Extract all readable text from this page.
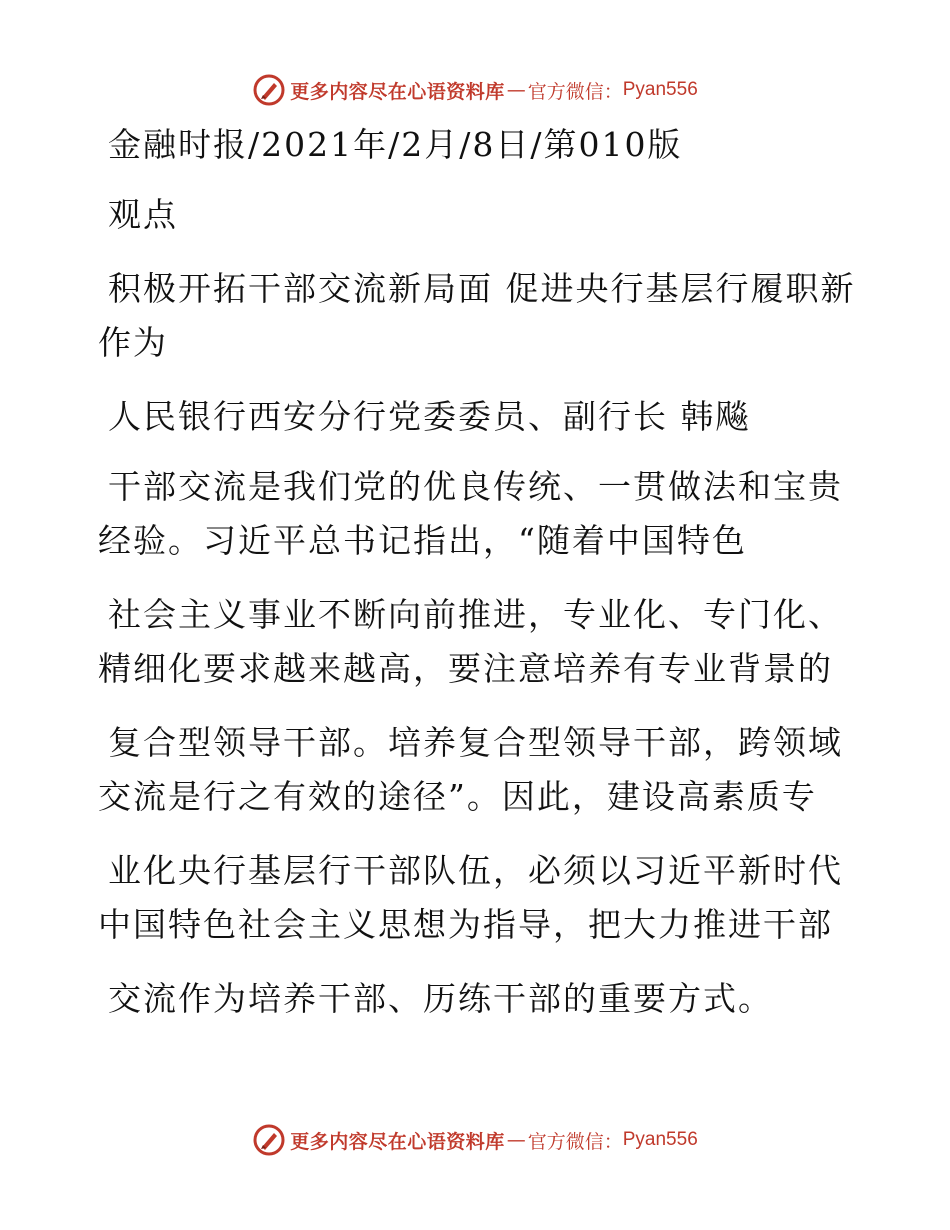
更多内容尽在心语资料库 — 官方微信： Pyan556
金融时报/2021年/2月/8日/第010版
观点
积极开拓干部交流新局面 促进央行基层行履职新
作为
人民银行西安分行党委委员、副行长 韩飚
干部交流是我们党的优良传统、一贯做法和宝贵
经验。习近平总书记指出，“随着中国特色
社会主义事业不断向前推进，专业化、专门化、
精细化要求越来越高，要注意培养有专业背景的
复合型领导干部。培养复合型领导干部，跨领域
交流是行之有效的途径”。因此，建设高素质专
业化央行基层行干部队伍，必须以习近平新时代
中国特色社会主义思想为指导，把大力推进干部
交流作为培养干部、历练干部的重要方式。
更多内容尽在心语资料库 — 官方微信： Pyan556
